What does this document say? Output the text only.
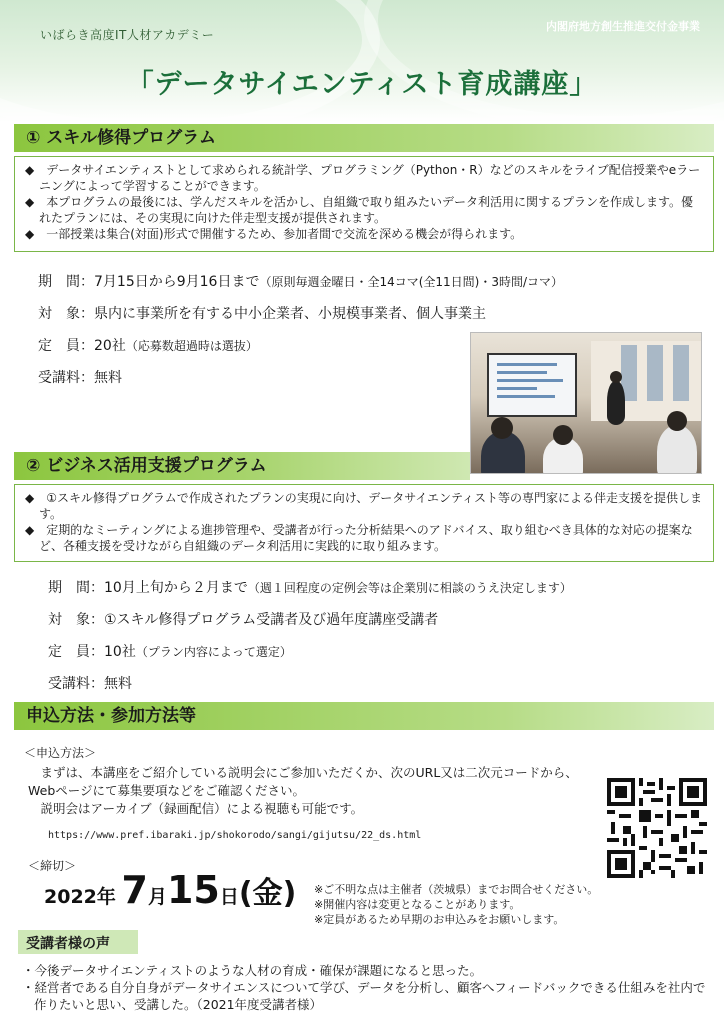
いばらき高度IT人材アカデミー
内閣府地方創生推進交付金事業
「データサイエンティスト育成講座」
① スキル修得プログラム
◆　データサイエンティストとして求められる統計学、プログラミング（Python・R）などのスキルをライブ配信授業やeラーニングによって学習することができます。
◆　本プログラムの最後には、学んだスキルを活かし、自組織で取り組みたいデータ利活用に関するプランを作成します。優れたプランには、その実現に向けた伴走型支援が提供されます。
◆　一部授業は集合(対面)形式で開催するため、参加者間で交流を深める機会が得られます。
期　間：7月15日から9月16日まで（原則毎週金曜日・全14コマ(全11日間)・3時間/コマ）
対　象：県内に事業所を有する中小企業者、小規模事業者、個人事業主
定　員：20社（応募数超過時は選抜）
受講料：無料
② ビジネス活用支援プログラム
◆　①スキル修得プログラムで作成されたプランの実現に向け、データサイエンティスト等の専門家による伴走支援を提供します。
◆　定期的なミーティングによる進捗管理や、受講者が行った分析結果へのアドバイス、取り組むべき具体的な対応の提案など、各種支援を受けながら自組織のデータ利活用に実践的に取り組みます。
期　間：10月上旬から２月まで（週１回程度の定例会等は企業別に相談のうえ決定します）
対　象：①スキル修得プログラム受講者及び過年度講座受講者
定　員：10社（プラン内容によって選定）
受講料：無料
申込方法・参加方法等
＜申込方法＞
　まずは、本講座をご紹介している説明会にご参加いただくか、次のURL又は二次元コードから、Webページにて募集要項などをご確認ください。
　説明会はアーカイブ（録画配信）による視聴も可能です。
https://www.pref.ibaraki.jp/shokorodo/sangi/gijutsu/22_ds.html
＜締切＞
2022年 7月15日(金) ※ご不明な点は主催者（茨城県）までお問合せください。
※開催内容は変更となることがあります。
※定員があるため早期のお申込みをお願いします。
受講者様の声
・今後データサイエンティストのような人材の育成・確保が課題になると思った。
・経営者である自分自身がデータサイエンスについて学び、データを分析し、顧客へフィードバックできる仕組みを社内で作りたいと思い、受講した。（2021年度受講者様）
